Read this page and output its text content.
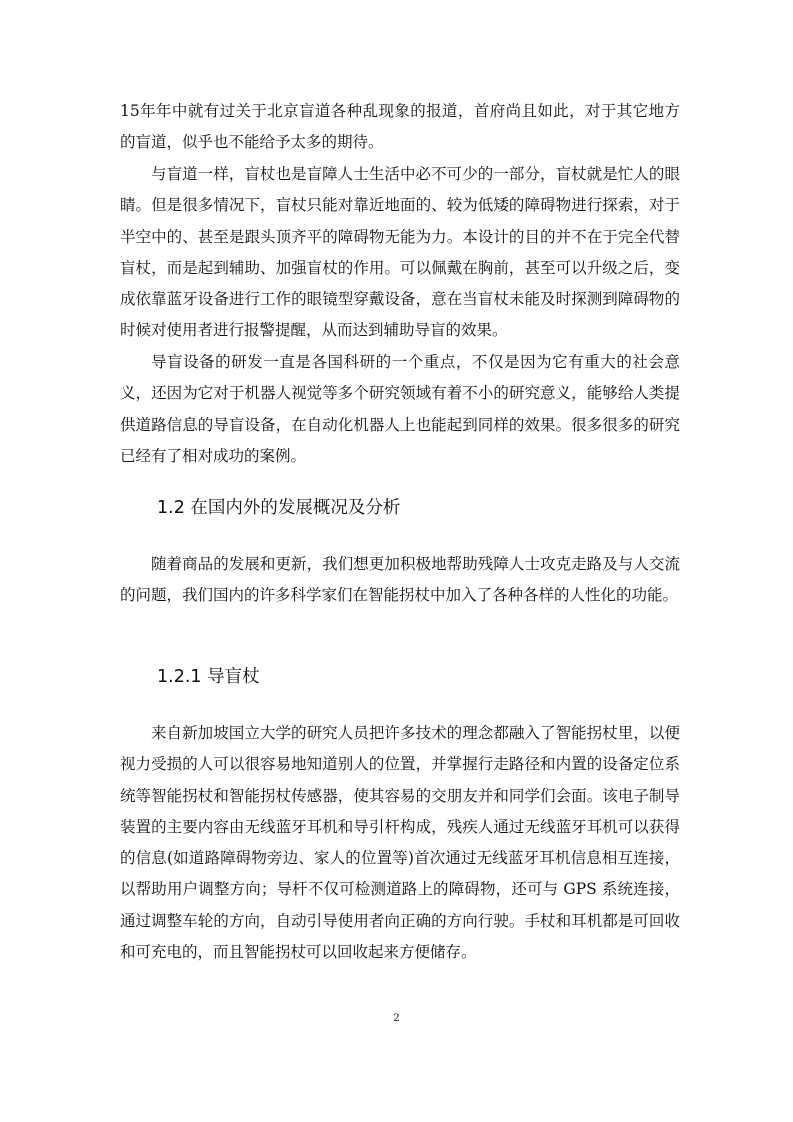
15年年中就有过关于北京盲道各种乱现象的报道，首府尚且如此，对于其它地方的盲道，似乎也不能给予太多的期待。

与盲道一样，盲杖也是盲障人士生活中必不可少的一部分，盲杖就是忙人的眼睛。但是很多情况下，盲杖只能对靠近地面的、较为低矮的障碍物进行探索，对于半空中的、甚至是跟头顶齐平的障碍物无能为力。本设计的目的并不在于完全代替盲杖，而是起到辅助、加强盲杖的作用。可以佩戴在胸前，甚至可以升级之后，变成依靠蓝牙设备进行工作的眼镜型穿戴设备，意在当盲杖未能及时探测到障碍物的时候对使用者进行报警提醒，从而达到辅助导盲的效果。

导盲设备的研发一直是各国科研的一个重点，不仅是因为它有重大的社会意义，还因为它对于机器人视觉等多个研究领域有着不小的研究意义，能够给人类提供道路信息的导盲设备，在自动化机器人上也能起到同样的效果。很多很多的研究已经有了相对成功的案例。

1.2 在国内外的发展概况及分析

随着商品的发展和更新，我们想更加积极地帮助残障人士攻克走路及与人交流的问题，我们国内的许多科学家们在智能拐杖中加入了各种各样的人性化的功能。

1.2.1 导盲杖

来自新加坡国立大学的研究人员把许多技术的理念都融入了智能拐杖里，以便视力受损的人可以很容易地知道别人的位置，并掌握行走路径和内置的设备定位系统等智能拐杖和智能拐杖传感器，使其容易的交朋友并和同学们会面。该电子制导装置的主要内容由无线蓝牙耳机和导引杆构成，残疾人通过无线蓝牙耳机可以获得的信息(如道路障碍物旁边、家人的位置等)首次通过无线蓝牙耳机信息相互连接，以帮助用户调整方向；导杆不仅可检测道路上的障碍物，还可与 GPS 系统连接，通过调整车轮的方向，自动引导使用者向正确的方向行驶。手杖和耳机都是可回收和可充电的，而且智能拐杖可以回收起来方便储存。

2
